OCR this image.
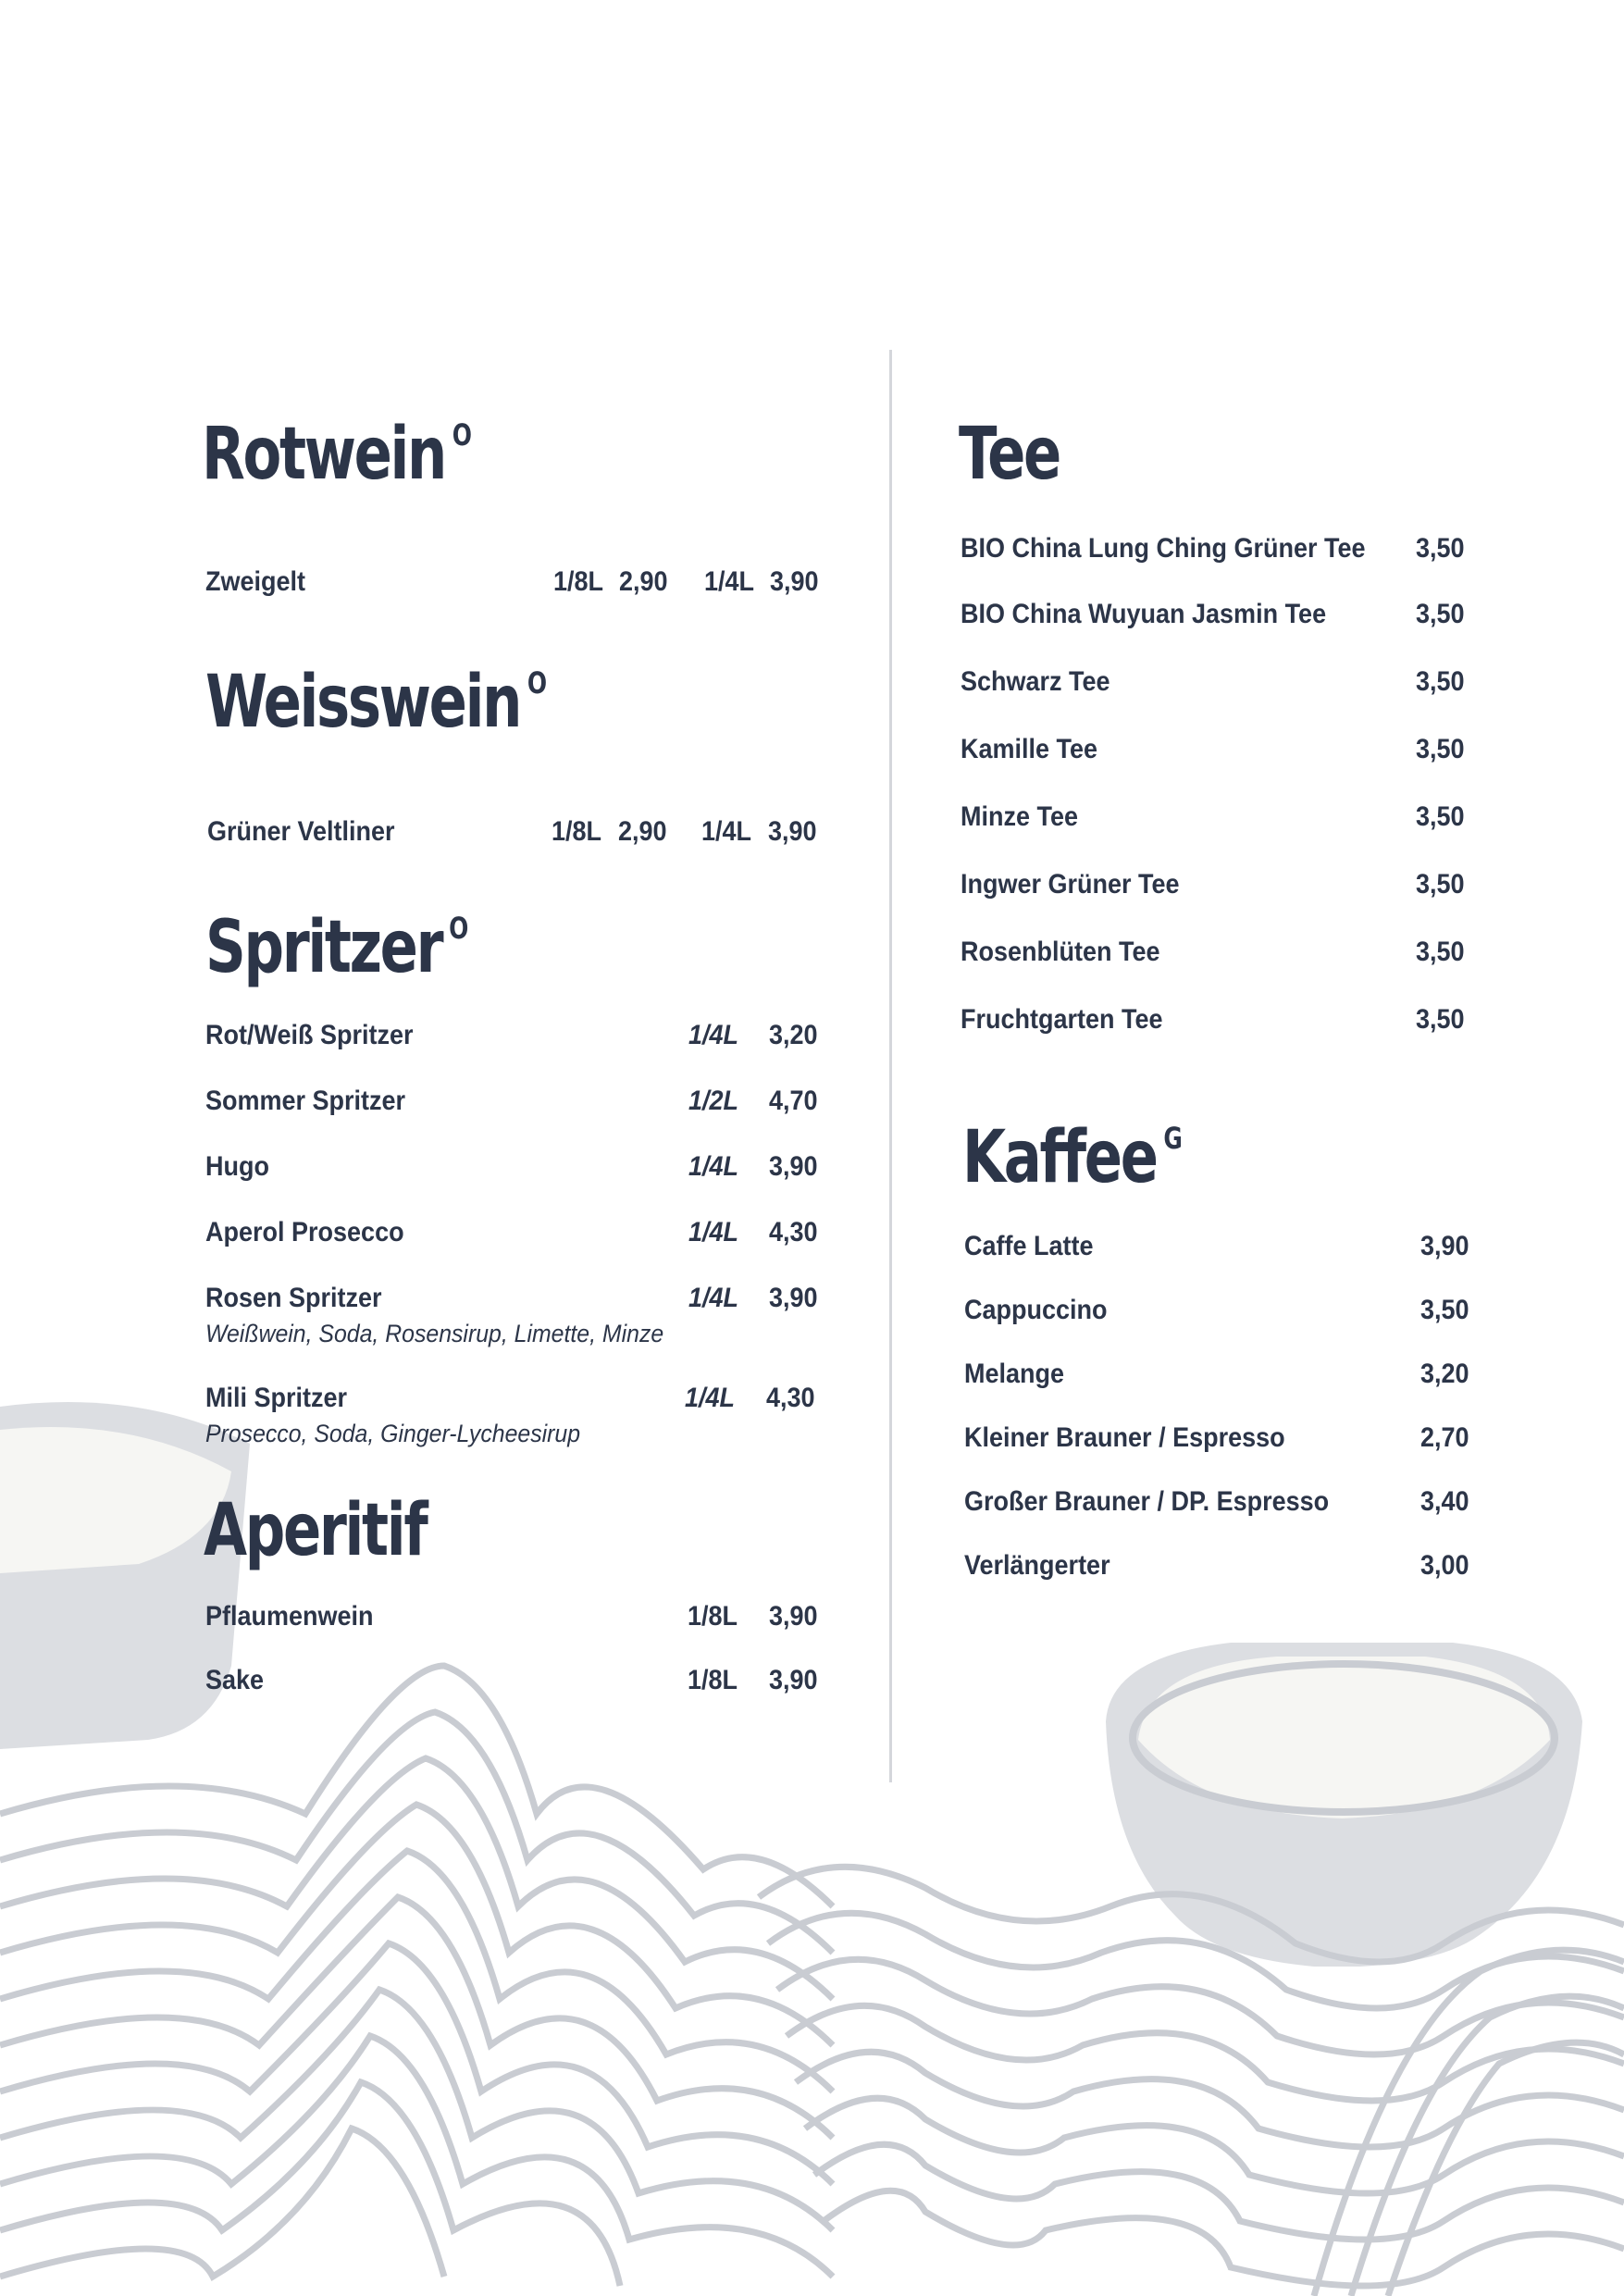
Rotwein $^O$
Zweigelt	1/8L 2,90 1/4L 3,90
Weisswein $^O$
Grüner Veltliner	1/8L 2,90 1/4L 3,90
Spritzer $^O$
Rot/Weiß Spritzer	1/4L 3,20
Sommer Spritzer	1/2L 4,70
Hugo	1/4L 3,90
Aperol Prosecco	1/4L 4,30
Rosen Spritzer	1/4L 3,90
Weißwein, Soda, Rosensirup, Limette, Minze
Mili Spritzer	1/4L 4,30
Prosecco, Soda, Ginger-Lycheesirup
Aperitif
Pflaumenwein	1/8L 3,90
Sake	1/8L 3,90
Tee
BIO China Lung Ching Grüner Tee 3,50
BIO China Wuyuan Jasmin Tee	3,50
Schwarz Tee	3,50
Kamille Tee	3,50
Minze Tee	3,50
Ingwer Grüner Tee	3,50
Rosenblüten Tee	3,50
Fruchtgarten Tee	3,50
Kaffee $^G$
Caffe Latte	3,90
Cappuccino	3,50
Melange	3,20
Kleiner Brauner / Espresso	2,70
Großer Brauner / DP. Espresso	3,40
Verlängerter	3,00
